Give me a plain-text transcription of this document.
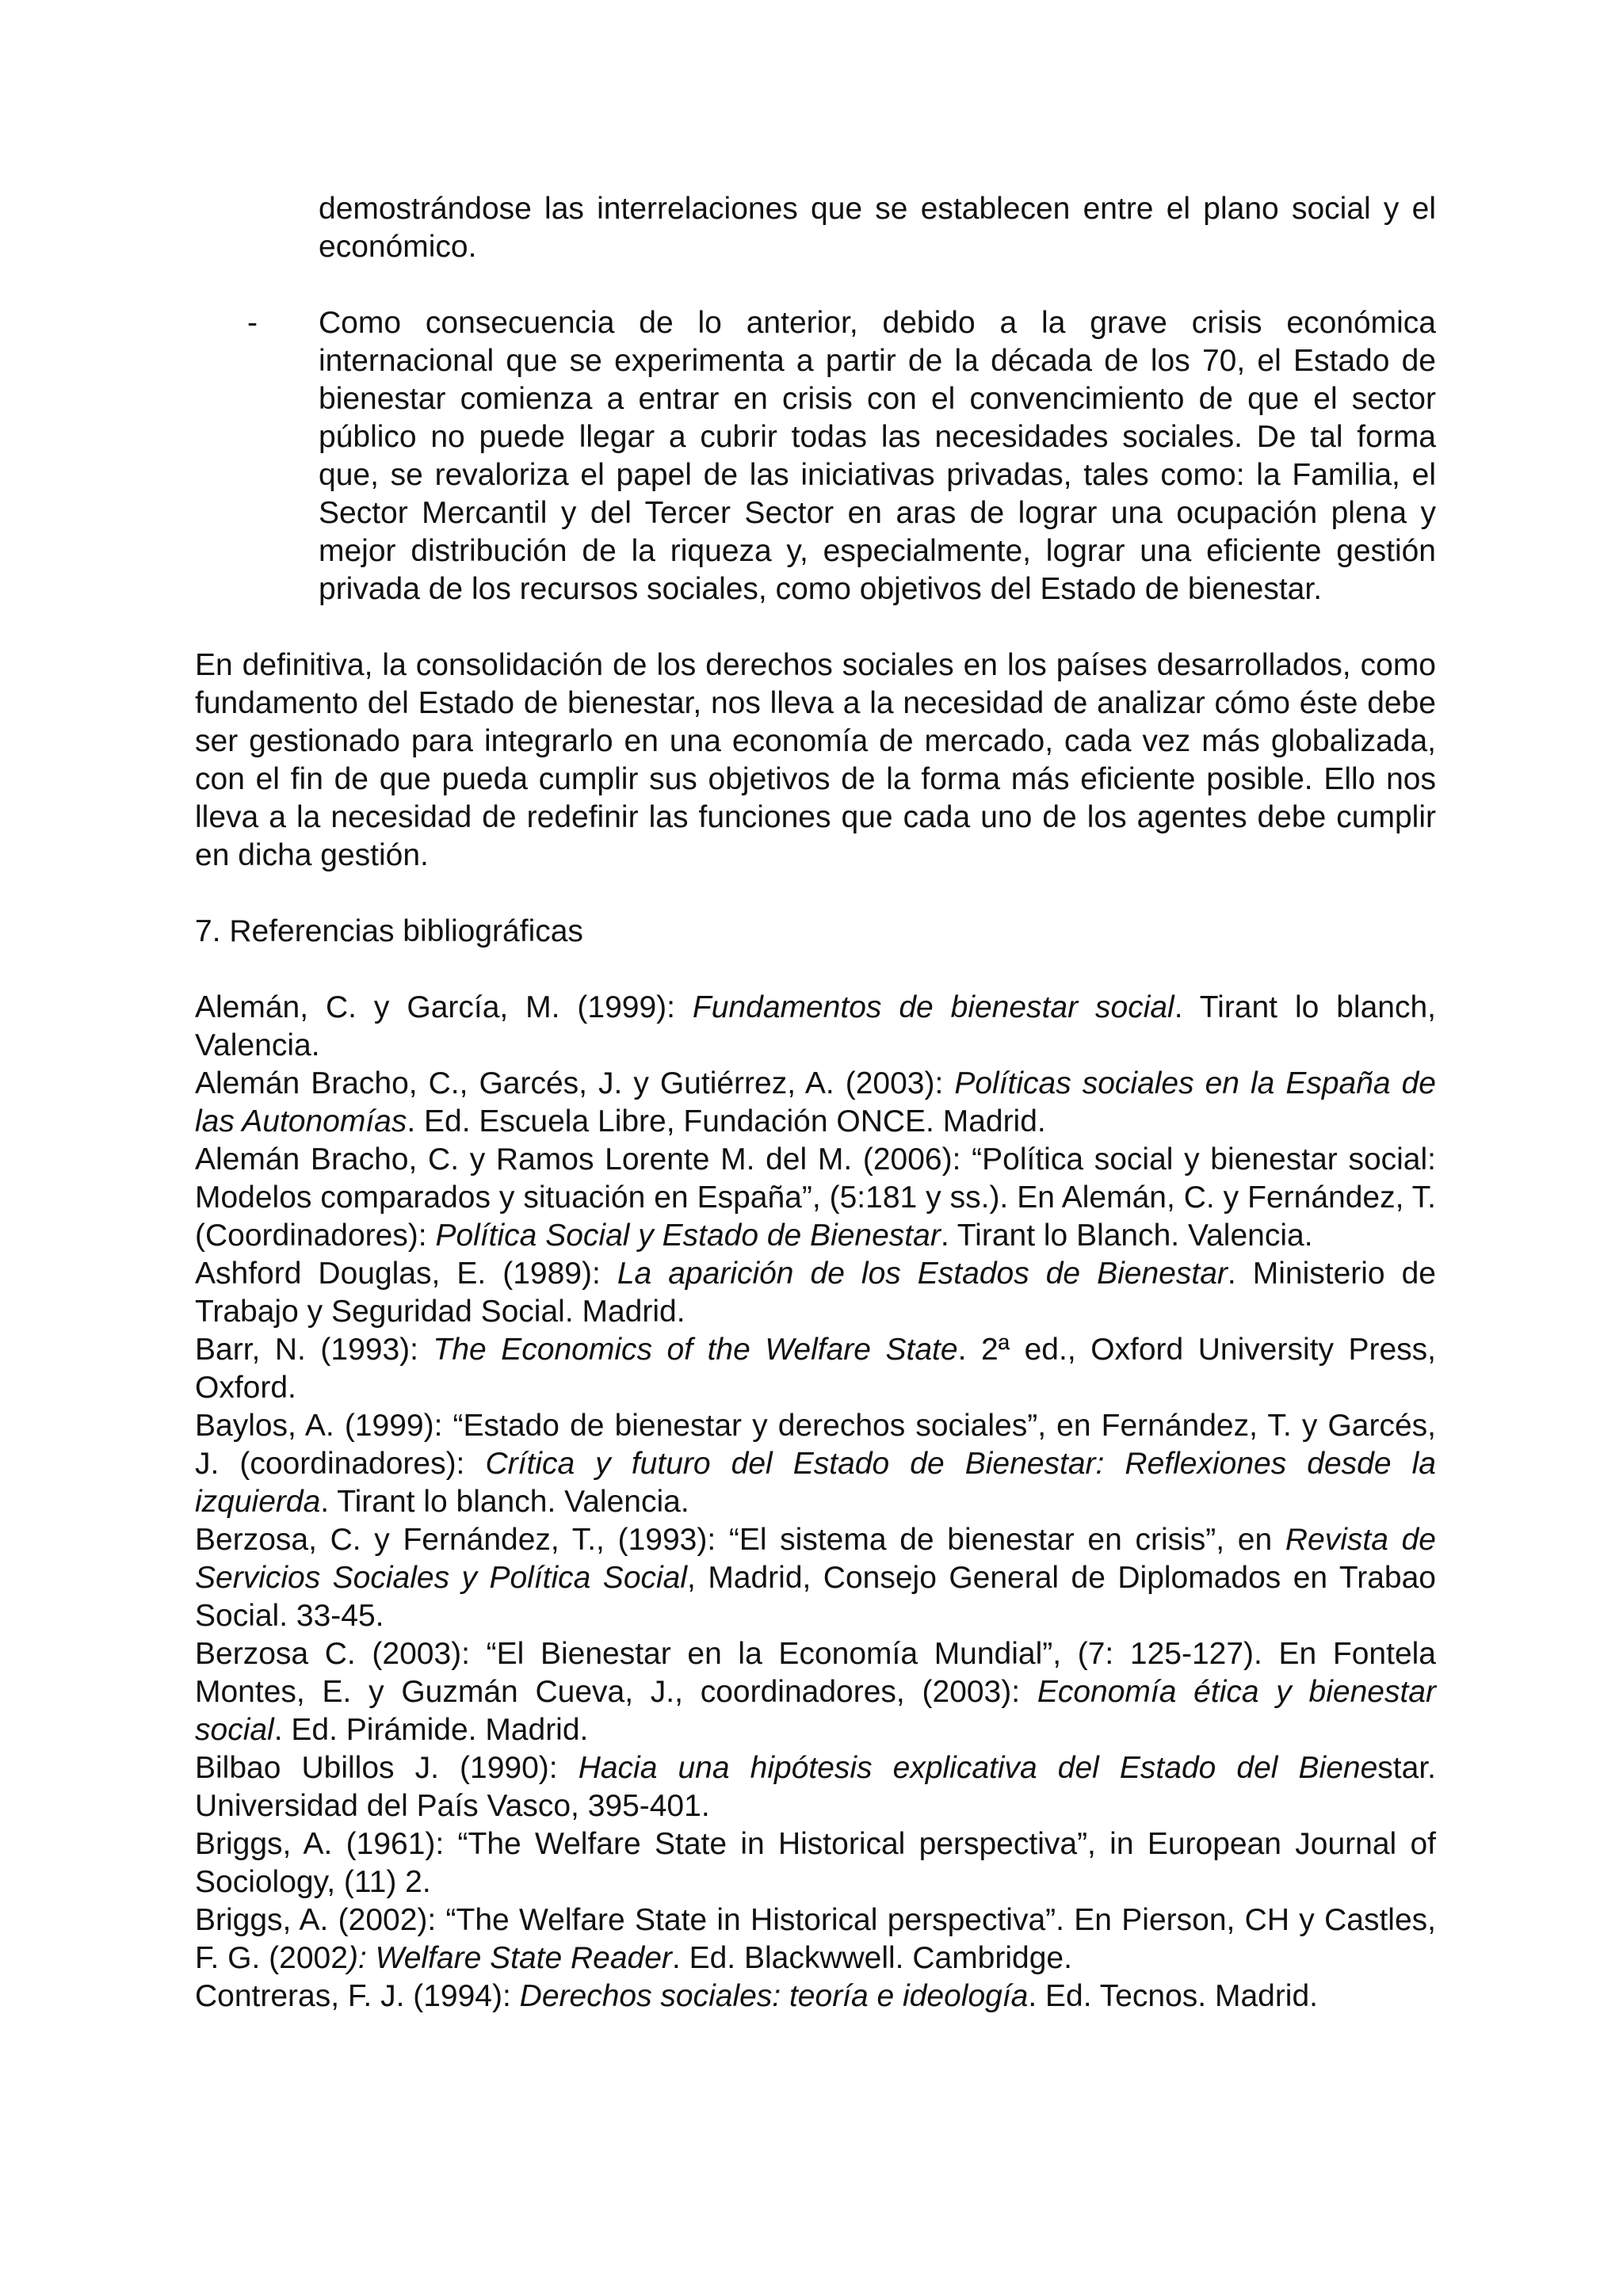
demostrándose las interrelaciones que se establecen entre el plano social y el económico.

- Como consecuencia de lo anterior, debido a la grave crisis económica internacional que se experimenta a partir de la década de los 70, el Estado de bienestar comienza a entrar en crisis con el convencimiento de que el sector público no puede llegar a cubrir todas las necesidades sociales. De tal forma que, se revaloriza el papel de las iniciativas privadas, tales como: la Familia, el Sector Mercantil y del Tercer Sector en aras de lograr una ocupación plena y mejor distribución de la riqueza y, especialmente, lograr una eficiente gestión privada de los recursos sociales, como objetivos del Estado de bienestar.

En definitiva, la consolidación de los derechos sociales en los países desarrollados, como fundamento del Estado de bienestar, nos lleva a la necesidad de analizar cómo éste debe ser gestionado para integrarlo en una economía de mercado, cada vez más globalizada, con el fin de que pueda cumplir sus objetivos de la forma más eficiente posible. Ello nos lleva a la necesidad de redefinir las funciones que cada uno de los agentes debe cumplir en dicha gestión.

7. Referencias bibliográficas

Alemán, C. y García, M. (1999): Fundamentos de bienestar social. Tirant lo blanch, Valencia.

Alemán Bracho, C., Garcés, J. y Gutiérrez, A. (2003): Políticas sociales en la España de las Autonomías. Ed. Escuela Libre, Fundación ONCE. Madrid.

Alemán Bracho, C. y Ramos Lorente M. del M. (2006): “Política social y bienestar social: Modelos comparados y situación en España”, (5:181 y ss.). En Alemán, C. y Fernández, T. (Coordinadores): Política Social y Estado de Bienestar. Tirant lo Blanch. Valencia.

Ashford Douglas, E. (1989): La aparición de los Estados de Bienestar. Ministerio de Trabajo y Seguridad Social. Madrid.

Barr, N. (1993): The Economics of the Welfare State. 2ª ed., Oxford University Press, Oxford.

Baylos, A. (1999): “Estado de bienestar y derechos sociales”, en Fernández, T. y Garcés, J. (coordinadores): Crítica y futuro del Estado de Bienestar: Reflexiones desde la izquierda. Tirant lo blanch. Valencia.

Berzosa, C. y Fernández, T., (1993): “El sistema de bienestar en crisis”, en Revista de Servicios Sociales y Política Social, Madrid, Consejo General de Diplomados en Trabao Social. 33-45.

Berzosa C. (2003): “El Bienestar en la Economía Mundial”, (7: 125-127). En Fontela Montes, E. y Guzmán Cueva, J., coordinadores, (2003): Economía ética y bienestar social. Ed. Pirámide. Madrid.

Bilbao Ubillos J. (1990): Hacia una hipótesis explicativa del Estado del Bienestar. Universidad del País Vasco, 395-401.

Briggs, A. (1961): “The Welfare State in Historical perspectiva”, in European Journal of Sociology, (11) 2.

Briggs, A. (2002): “The Welfare State in Historical perspectiva”. En Pierson, CH y Castles, F. G. (2002): Welfare State Reader. Ed. Blackwwell. Cambridge.

Contreras, F. J. (1994): Derechos sociales: teoría e ideología. Ed. Tecnos. Madrid.
